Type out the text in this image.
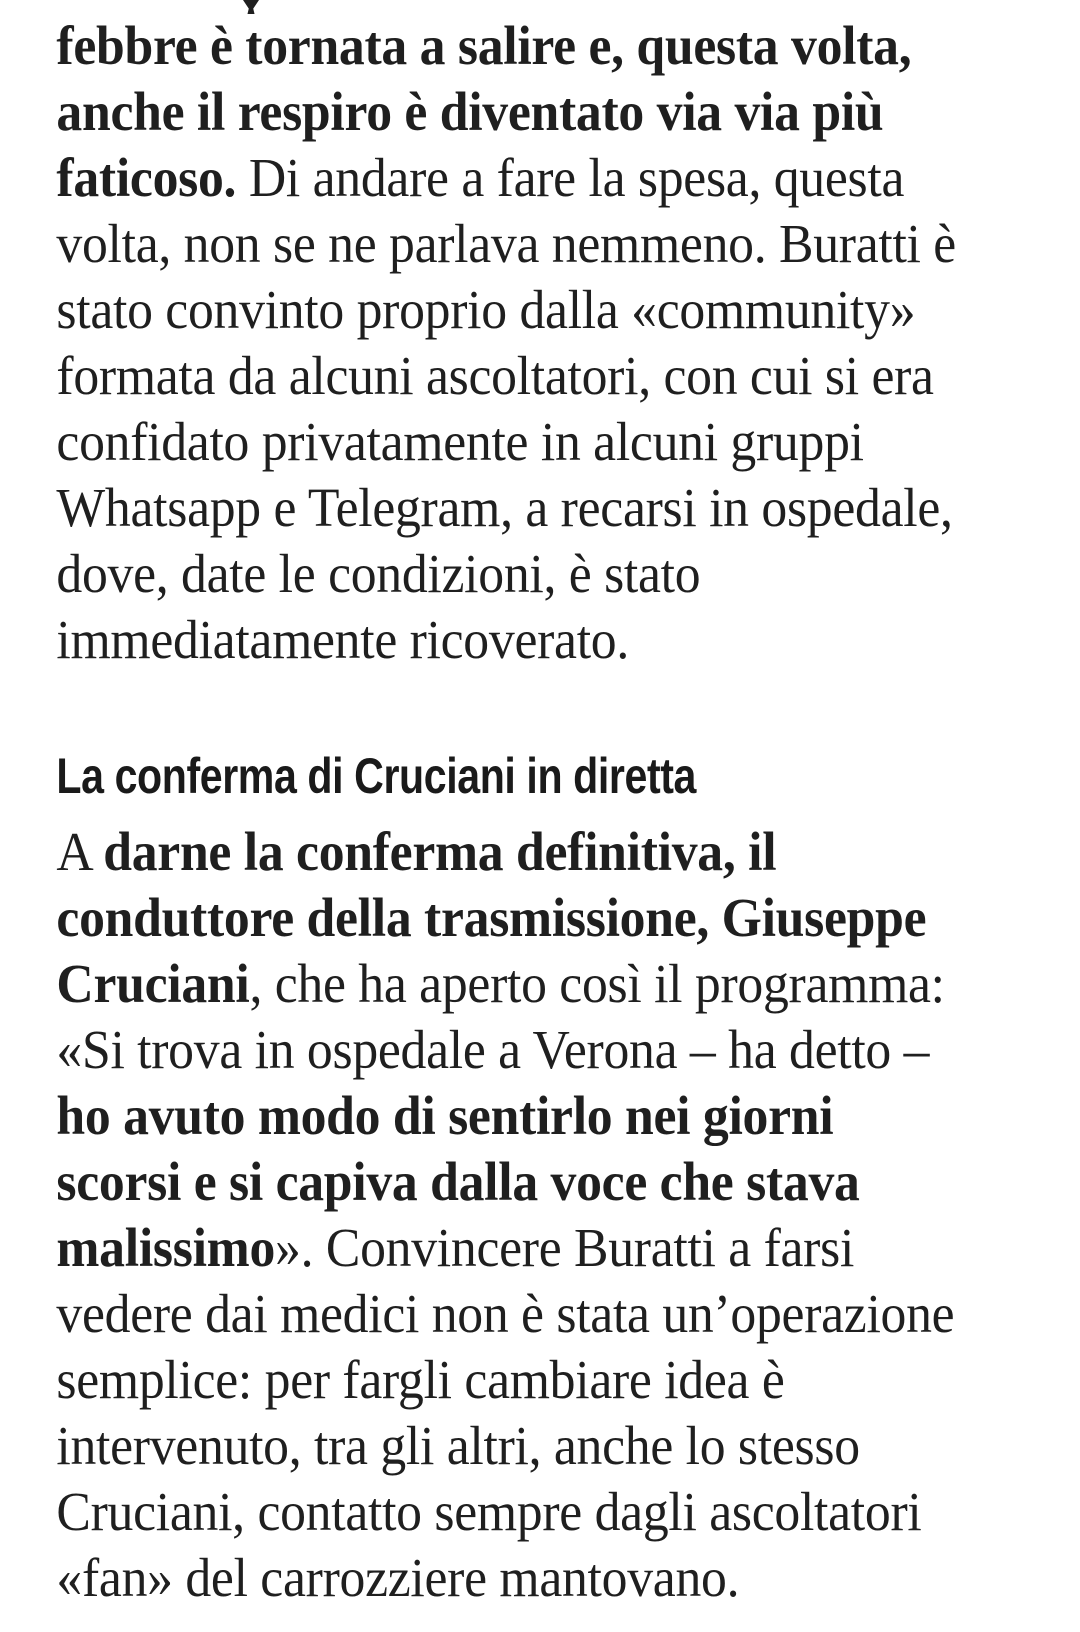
febbre è tornata a salire e, questa volta,
anche il respiro è diventato via via più
faticoso. Di andare a fare la spesa, questa
volta, non se ne parlava nemmeno. Buratti è
stato convinto proprio dalla «community»
formata da alcuni ascoltatori, con cui si era
confidato privatamente in alcuni gruppi
Whatsapp e Telegram, a recarsi in ospedale,
dove, date le condizioni, è stato
immediatamente ricoverato.
La conferma di Cruciani in diretta
A darne la conferma definitiva, il
conduttore della trasmissione, Giuseppe
Cruciani, che ha aperto così il programma:
«Si trova in ospedale a Verona – ha detto –
ho avuto modo di sentirlo nei giorni
scorsi e si capiva dalla voce che stava
malissimo». Convincere Buratti a farsi
vedere dai medici non è stata un’operazione
semplice: per fargli cambiare idea è
intervenuto, tra gli altri, anche lo stesso
Cruciani, contatto sempre dagli ascoltatori
«fan» del carrozziere mantovano.
